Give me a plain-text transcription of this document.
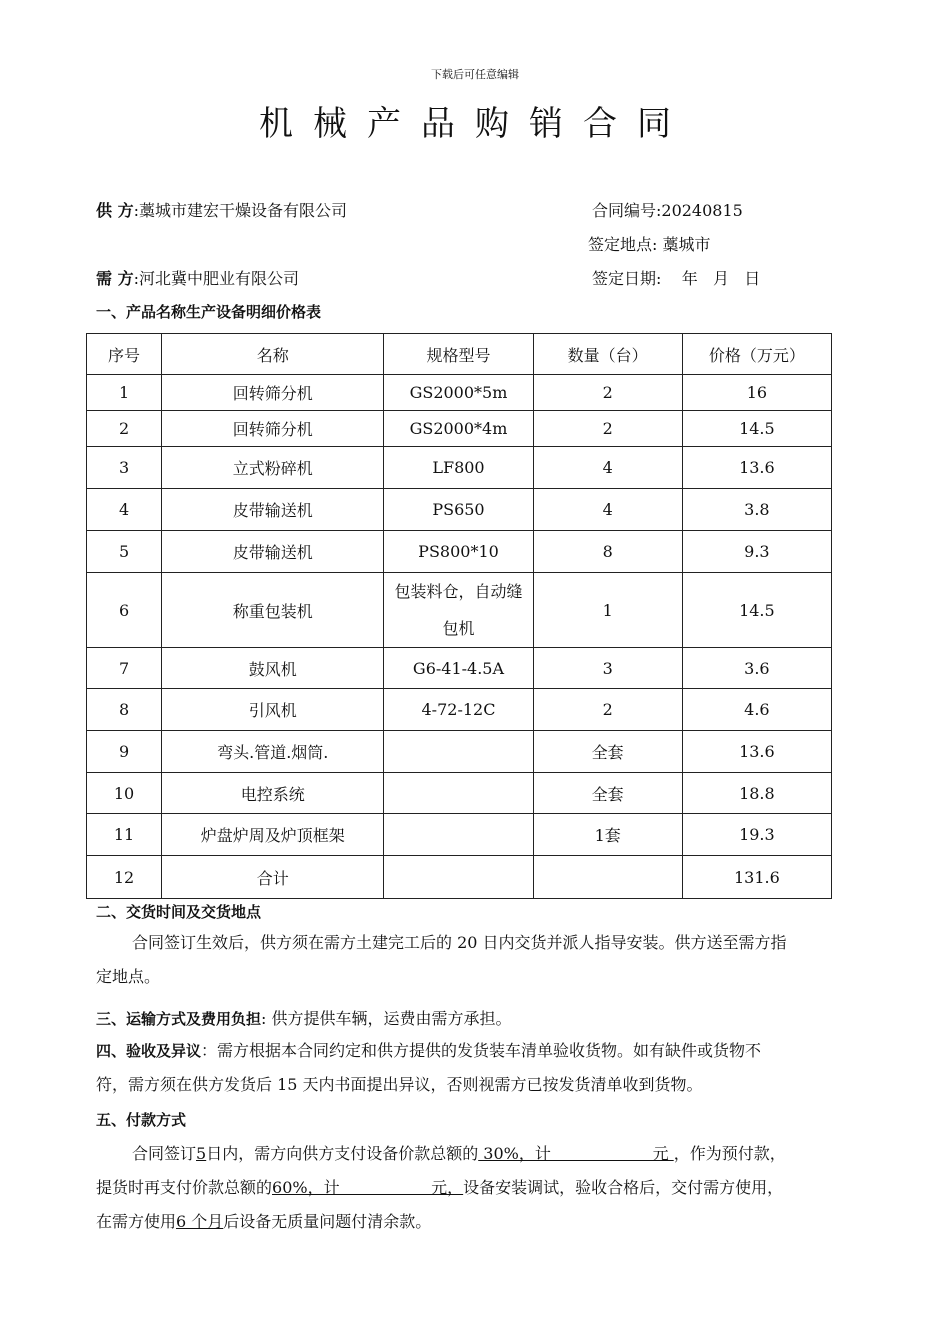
下载后可任意编辑
机械产品购销合同
供 方:藁城市建宏干燥设备有限公司	合同编号:20240815
签定地点: 藁城市
需 方:河北冀中肥业有限公司	签定日期:    年   月   日
一、产品名称生产设备明细价格表
序号	名称	规格型号	数量（台）	价格（万元）
1	回转筛分机	GS2000*5m	2	16
2	回转筛分机	GS2000*4m	2	14.5
3	立式粉碎机	LF800	4	13.6
4	皮带输送机	PS650	4	3.8
5	皮带输送机	PS800*10	8	9.3
6	称重包装机	包装料仓，自动缝包机	1	14.5
7	鼓风机	G6-41-4.5A	3	3.6
8	引风机	4-72-12C	2	4.6
9	弯头.管道.烟筒.		全套	13.6
10	电控系统		全套	18.8
11	炉盘炉周及炉顶框架		1套	19.3
12	合计			131.6
二、交货时间及交货地点
合同签订生效后，供方须在需方土建完工后的 20 日内交货并派人指导安装。供方送至需方指
定地点。
三、运输方式及费用负担: 供方提供车辆，运费由需方承担。
四、验收及异议：需方根据本合同约定和供方提供的发货装车清单验收货物。如有缺件或货物不
符，需方须在供方发货后 15 天内书面提出异议，否则视需方已按发货清单收到货物。
五、付款方式
合同签订5日内，需方向供方支付设备价款总额的 30%，计                    元 ，作为预付款，
提货时再支付价款总额的60%，计                  元，设备安装调试，验收合格后，交付需方使用，
在需方使用6 个月后设备无质量问题付清余款。
